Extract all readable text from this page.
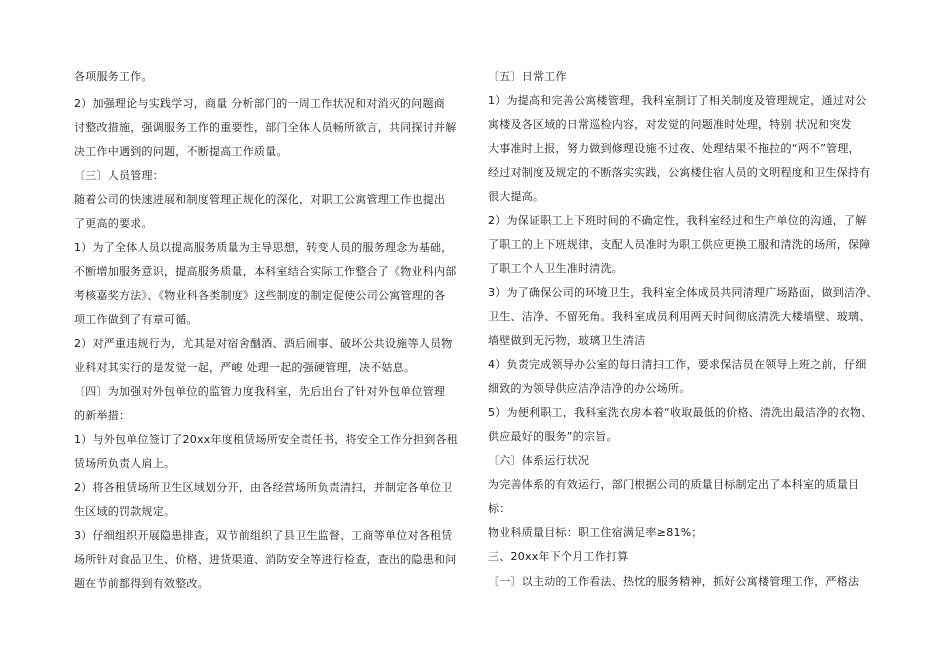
各项服务工作。
2）加强理论与实践学习，商量 分析部门的一周工作状况和对消灭的问题商
讨整改措施，强调服务工作的重要性，部门全体人员畅所欲言，共同探讨并解
决工作中遇到的问题，不断提高工作质量。
〔三〕人员管理：
随着公司的快速进展和制度管理正规化的深化，对职工公寓管理工作也提出
了更高的要求。
1）为了全体人员以提高服务质量为主导思想，转变人员的服务理念为基础，
不断增加服务意识，提高服务质量，本科室结合实际工作整合了《物业科内部
考核嘉奖方法》、《物业科各类制度》这些制度的制定促使公司公寓管理的各
项工作做到了有章可循。
2）对严重违规行为，尤其是对宿舍酗酒、酒后闹事、破坏公共设施等人员物
业科对其实行的是发觉一起，严峻 处理一起的强硬管理，决不姑息。
〔四〕为加强对外包单位的监管力度我科室，先后出台了针对外包单位管理
的新举措：
1）与外包单位签订了20xx年度租赁场所安全责任书，将安全工作分担到各租
赁场所负责人肩上。
2）将各租赁场所卫生区域划分开，由各经营场所负责清扫，并制定各单位卫
生区域的罚款规定。
3）仔细组织开展隐患排查，双节前组织了县卫生监督、工商等单位对各租赁
场所针对食品卫生、价格、进货渠道、消防安全等进行检查，查出的隐患和问
题在节前都得到有效整改。
〔五〕日常工作
1）为提高和完善公寓楼管理，我科室制订了相关制度及管理规定，通过对公
寓楼及各区域的日常巡检内容，对发觉的问题准时处理，特别 状况和突发
大事准时上报，努力做到修理设施不过夜、处理结果不拖拉的“两不”管理，
经过对制度及规定的不断落实实践，公寓楼住宿人员的文明程度和卫生保持有
很大提高。
2）为保证职工上下班时间的不确定性，我科室经过和生产单位的沟通，了解
了职工的上下班规律，支配人员准时为职工供应更换工服和清洗的场所，保障
了职工个人卫生准时清洗。
3）为了确保公司的环境卫生，我科室全体成员共同清理广场路面，做到洁净、
卫生、洁净、不留死角。我科室成员利用两天时间彻底清洗大楼墙壁、玻璃、
墙壁做到无污物，玻璃卫生清洁
4）负责完成领导办公室的每日清扫工作，要求保洁员在领导上班之前，仔细
细致的为领导供应洁净洁净的办公场所。
5）为便利职工，我科室洗衣房本着“收取最低的价格、清洗出最洁净的衣物、
供应最好的服务”的宗旨。
〔六〕体系运行状况
为完善体系的有效运行，部门根据公司的质量目标制定出了本科室的质量目
标：
物业科质量目标：职工住宿满足率≥81%；
三、20xx年下个月工作打算
〔一〕以主动的工作看法、热忱的服务精神，抓好公寓楼管理工作，严格法
